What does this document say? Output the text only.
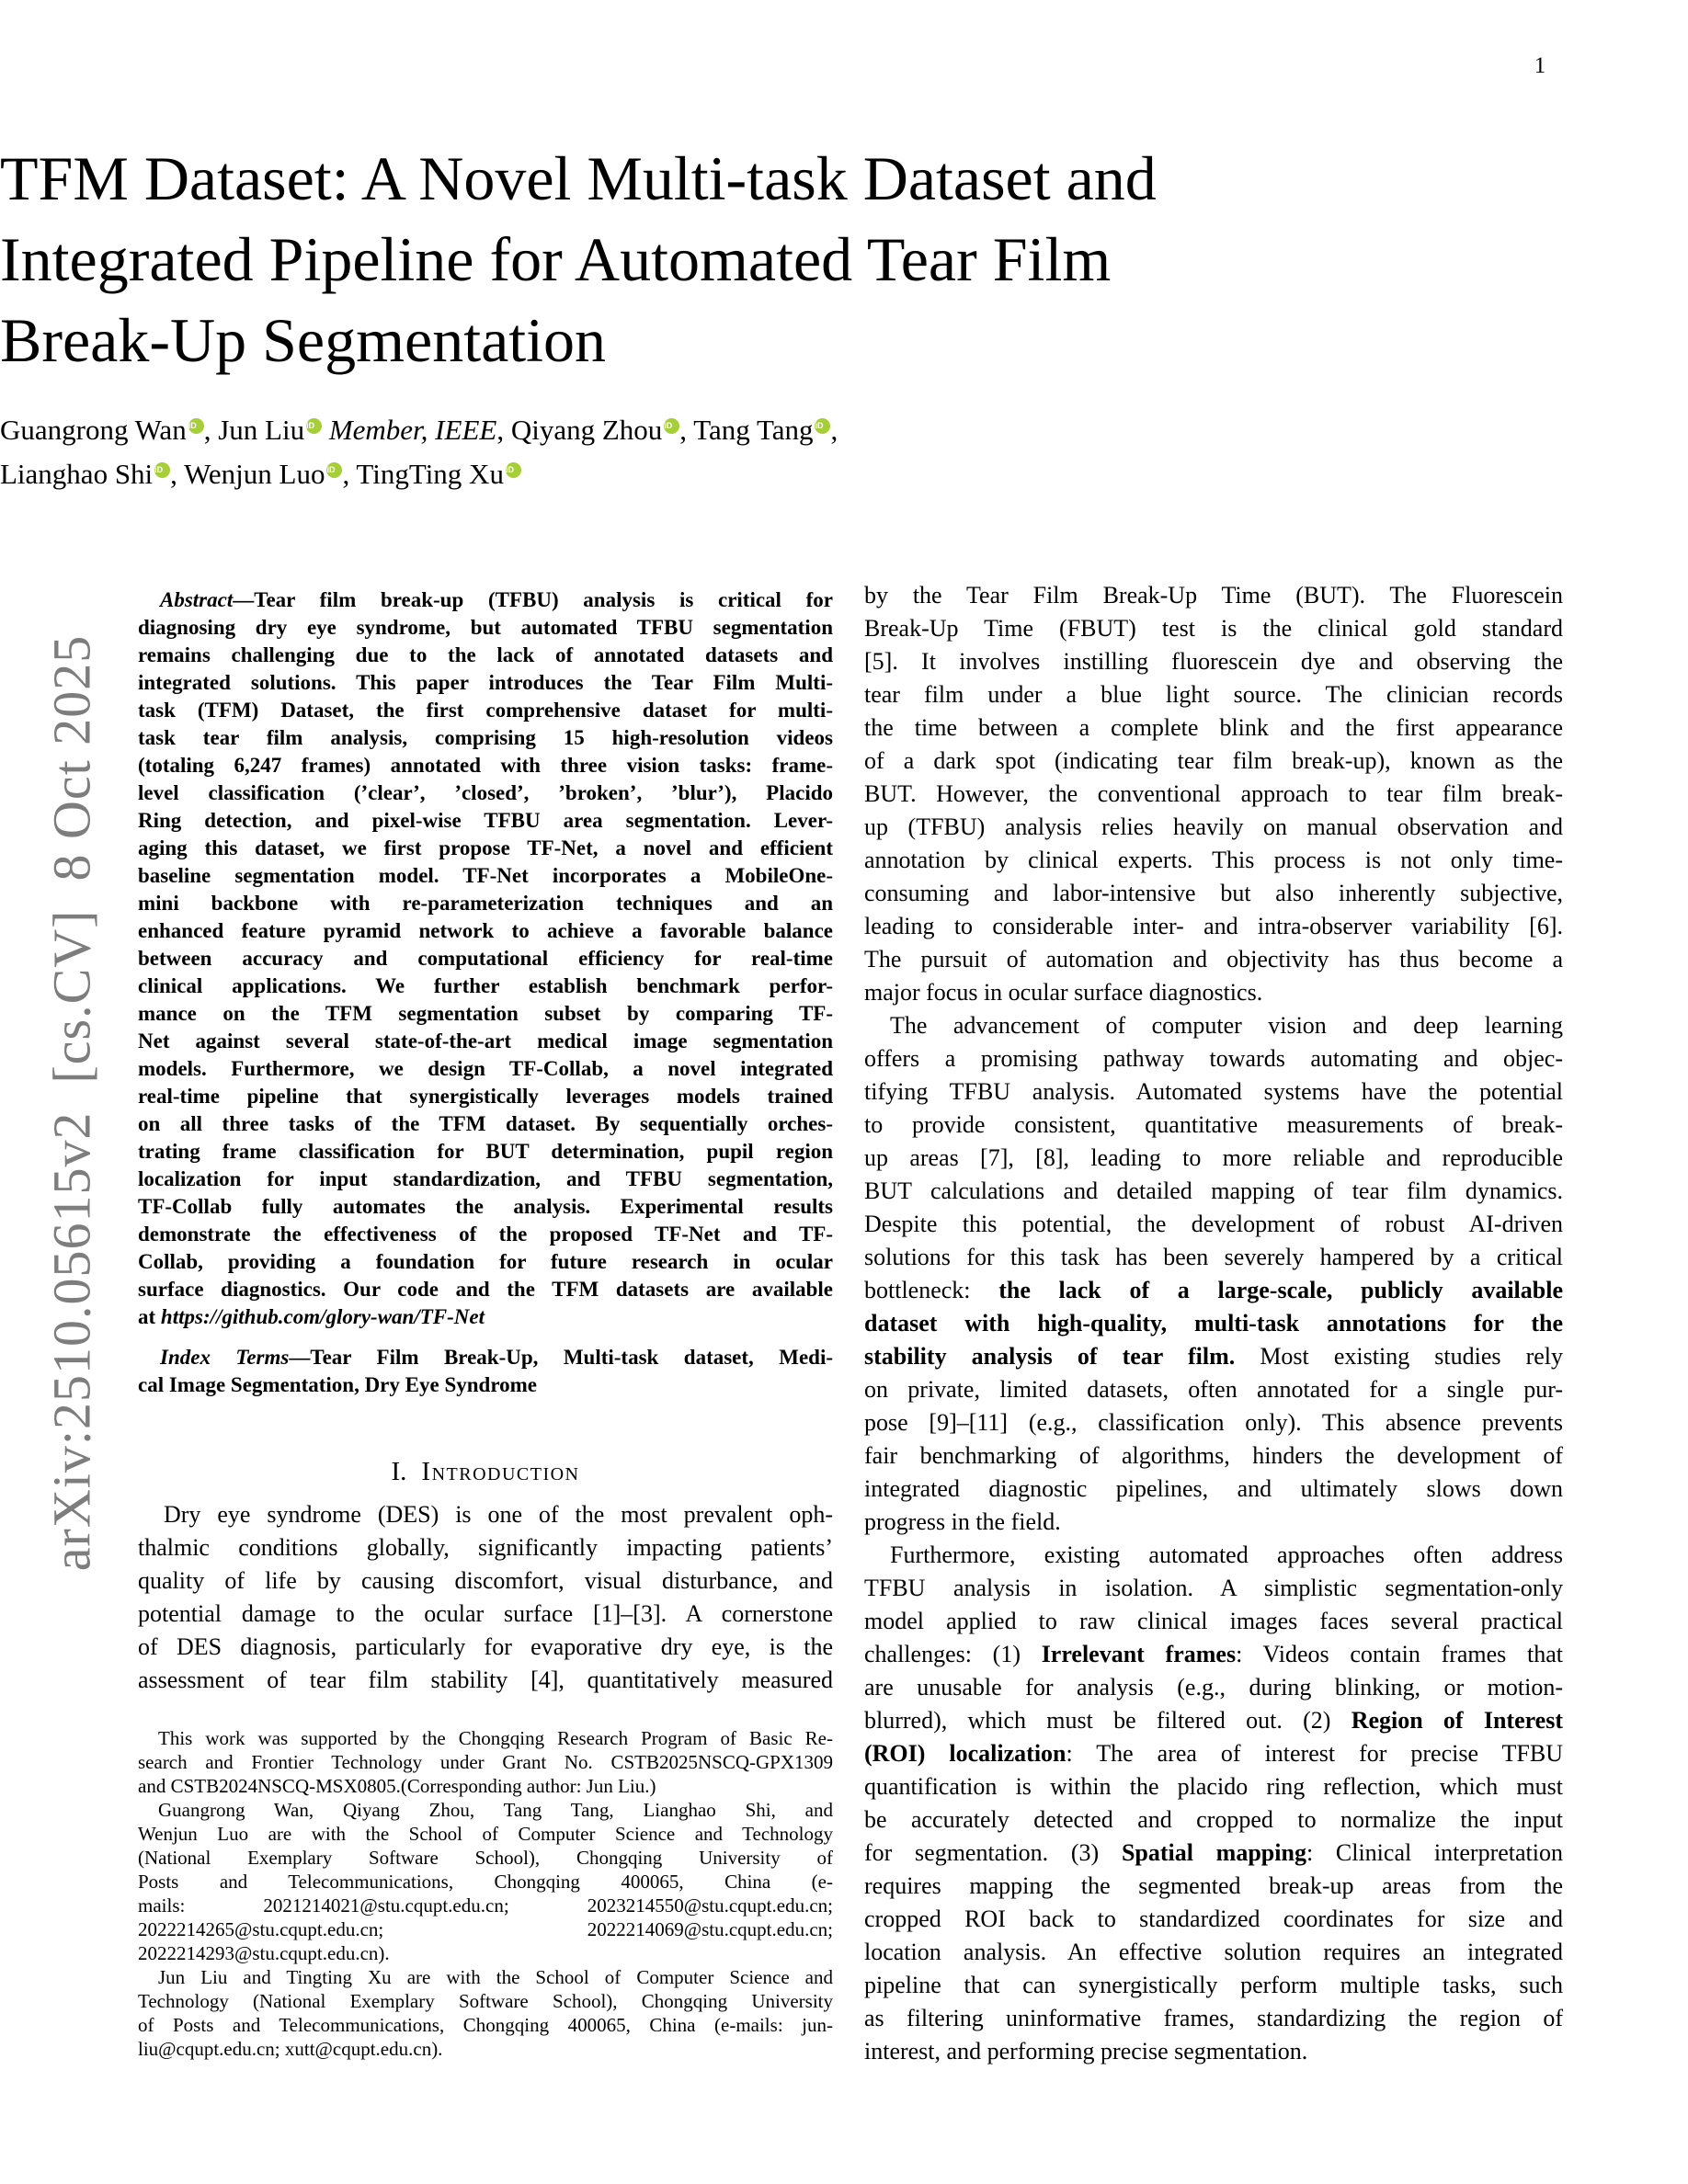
1
arXiv:2510.05615v2  [cs.CV]  8 Oct 2025
TFM Dataset: A Novel Multi-task Dataset and
Integrated Pipeline for Automated Tear Film
Break-Up Segmentation
Guangrong Wan iD , Jun Liu iD Member, IEEE, Qiyang Zhou iD , Tang Tang iD ,
Lianghao Shi iD , Wenjun Luo iD , TingTing XuiD
Abstract—Tear film break-up (TFBU) analysis is critical for
diagnosing dry eye syndrome, but automated TFBU segmentation
remains challenging due to the lack of annotated datasets and
integrated solutions. This paper introduces the Tear Film Multi-
task (TFM) Dataset, the first comprehensive dataset for multi-
task tear film analysis, comprising 15 high-resolution videos
(totaling 6,247 frames) annotated with three vision tasks: frame-
level classification (’clear’, ’closed’, ’broken’, ’blur’), Placido
Ring detection, and pixel-wise TFBU area segmentation. Lever-
aging this dataset, we first propose TF-Net, a novel and efficient
baseline segmentation model. TF-Net incorporates a MobileOne-
mini backbone with re-parameterization techniques and an
enhanced feature pyramid network to achieve a favorable balance
between accuracy and computational efficiency for real-time
clinical applications. We further establish benchmark perfor-
mance on the TFM segmentation subset by comparing TF-
Net against several state-of-the-art medical image segmentation
models. Furthermore, we design TF-Collab, a novel integrated
real-time pipeline that synergistically leverages models trained
on all three tasks of the TFM dataset. By sequentially orches-
trating frame classification for BUT determination, pupil region
localization for input standardization, and TFBU segmentation,
TF-Collab fully automates the analysis. Experimental results
demonstrate the effectiveness of the proposed TF-Net and TF-
Collab, providing a foundation for future research in ocular
surface diagnostics. Our code and the TFM datasets are available
at https://github.com/glory-wan/TF-Net
Index Terms—Tear Film Break-Up, Multi-task dataset, Medi-
cal Image Segmentation, Dry Eye Syndrome
I. Introduction
Dry eye syndrome (DES) is one of the most prevalent oph-
thalmic conditions globally, significantly impacting patients’
quality of life by causing discomfort, visual disturbance, and
potential damage to the ocular surface [1]–[3]. A cornerstone
of DES diagnosis, particularly for evaporative dry eye, is the
assessment of tear film stability [4], quantitatively measured
This work was supported by the Chongqing Research Program of Basic Re-
search and Frontier Technology under Grant No. CSTB2025NSCQ-GPX1309
and CSTB2024NSCQ-MSX0805.(Corresponding author: Jun Liu.)
Guangrong Wan, Qiyang Zhou, Tang Tang, Lianghao Shi, and
Wenjun Luo are with the School of Computer Science and Technology
(National Exemplary Software School), Chongqing University of
Posts and Telecommunications, Chongqing 400065, China (e-
mails: 2021214021@stu.cqupt.edu.cn; 2023214550@stu.cqupt.edu.cn;
2022214265@stu.cqupt.edu.cn; 2022214069@stu.cqupt.edu.cn;
2022214293@stu.cqupt.edu.cn).
Jun Liu and Tingting Xu are with the School of Computer Science and
Technology (National Exemplary Software School), Chongqing University
of Posts and Telecommunications, Chongqing 400065, China (e-mails: jun-
liu@cqupt.edu.cn; xutt@cqupt.edu.cn).
by the Tear Film Break-Up Time (BUT). The Fluorescein
Break-Up Time (FBUT) test is the clinical gold standard
[5]. It involves instilling fluorescein dye and observing the
tear film under a blue light source. The clinician records
the time between a complete blink and the first appearance
of a dark spot (indicating tear film break-up), known as the
BUT. However, the conventional approach to tear film break-
up (TFBU) analysis relies heavily on manual observation and
annotation by clinical experts. This process is not only time-
consuming and labor-intensive but also inherently subjective,
leading to considerable inter- and intra-observer variability [6].
The pursuit of automation and objectivity has thus become a
major focus in ocular surface diagnostics.
The advancement of computer vision and deep learning
offers a promising pathway towards automating and objec-
tifying TFBU analysis. Automated systems have the potential
to provide consistent, quantitative measurements of break-
up areas [7], [8], leading to more reliable and reproducible
BUT calculations and detailed mapping of tear film dynamics.
Despite this potential, the development of robust AI-driven
solutions for this task has been severely hampered by a critical
bottleneck: the lack of a large-scale, publicly available
dataset with high-quality, multi-task annotations for the
stability analysis of tear film. Most existing studies rely
on private, limited datasets, often annotated for a single pur-
pose [9]–[11] (e.g., classification only). This absence prevents
fair benchmarking of algorithms, hinders the development of
integrated diagnostic pipelines, and ultimately slows down
progress in the field.
Furthermore, existing automated approaches often address
TFBU analysis in isolation. A simplistic segmentation-only
model applied to raw clinical images faces several practical
challenges: (1) Irrelevant frames: Videos contain frames that
are unusable for analysis (e.g., during blinking, or motion-
blurred), which must be filtered out. (2) Region of Interest
(ROI) localization: The area of interest for precise TFBU
quantification is within the placido ring reflection, which must
be accurately detected and cropped to normalize the input
for segmentation. (3) Spatial mapping: Clinical interpretation
requires mapping the segmented break-up areas from the
cropped ROI back to standardized coordinates for size and
location analysis. An effective solution requires an integrated
pipeline that can synergistically perform multiple tasks, such
as filtering uninformative frames, standardizing the region of
interest, and performing precise segmentation.
